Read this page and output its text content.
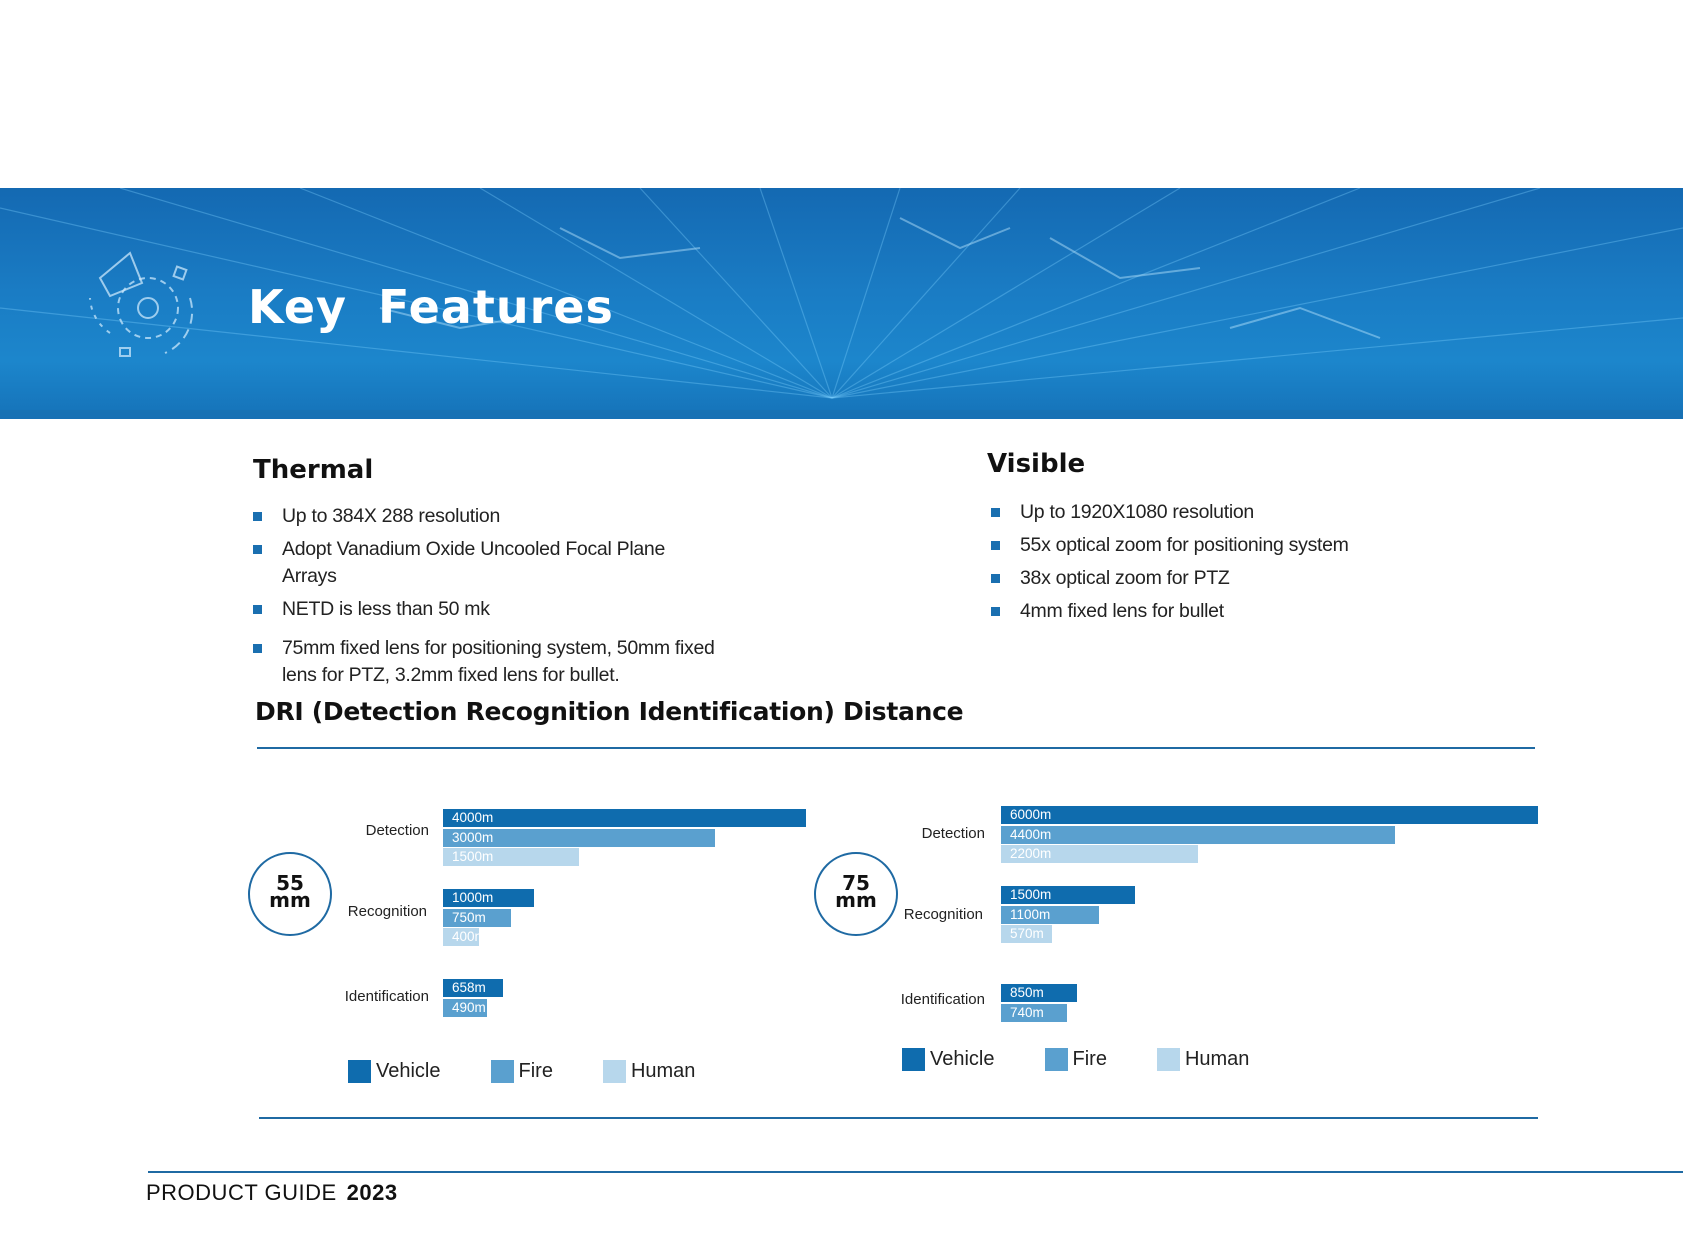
Key Features
Thermal
Up to 384X 288 resolution
Adopt Vanadium Oxide Uncooled Focal Plane Arrays
NETD is less than 50 mk
75mm fixed lens for positioning system, 50mm fixed lens for PTZ, 3.2mm fixed lens for bullet.
Visible
Up to 1920X1080 resolution
55x optical zoom for positioning system
38x optical zoom for PTZ
4mm fixed lens for bullet
DRI (Detection Recognition Identification) Distance
55
mm
Detection
Recognition
Identification
4000m
3000m
1500m
1000m
750m
400m
658m
490m
75
mm
Detection
Recognition
Identification
6000m
4400m
2200m
1500m
1100m
570m
850m
740m
Vehicle	Fire	Human
Vehicle	Fire	Human
PRODUCT GUIDE 2023
